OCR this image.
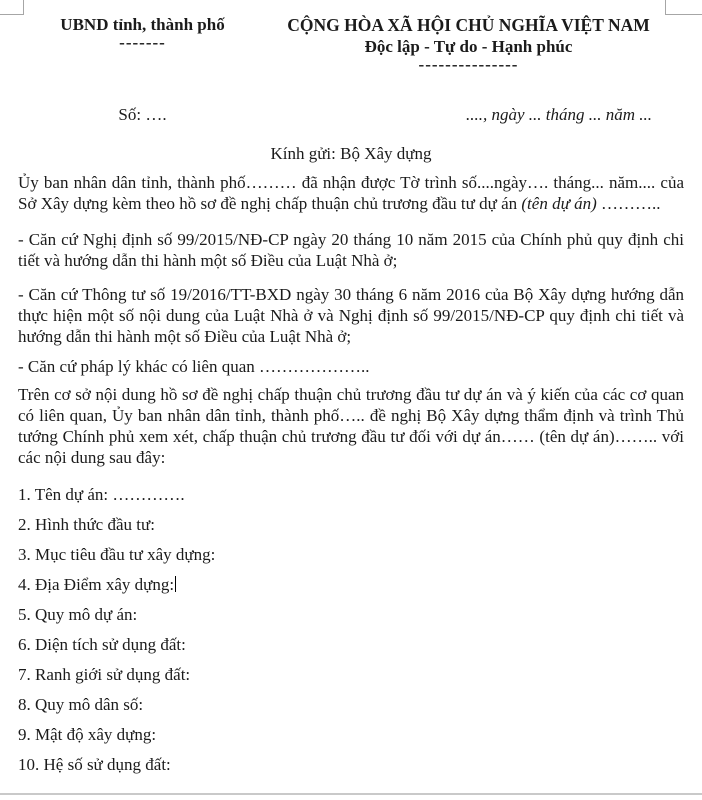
UBND tỉnh, thành phố
-------
CỘNG HÒA XÃ HỘI CHỦ NGHĨA VIỆT NAM
Độc lập - Tự do - Hạnh phúc
---------------
Số: ….	...., ngày ... tháng ... năm ...
Kính gửi: Bộ Xây dựng

Ủy ban nhân dân tỉnh, thành phố……… đã nhận được Tờ trình số....ngày…. tháng... năm.... của Sở Xây dựng kèm theo hồ sơ đề nghị chấp thuận chủ trương đầu tư dự án (tên dự án) ………..

- Căn cứ Nghị định số 99/2015/NĐ-CP ngày 20 tháng 10 năm 2015 của Chính phủ quy định chi tiết và hướng dẫn thi hành một số Điều của Luật Nhà ở;

- Căn cứ Thông tư số 19/2016/TT-BXD ngày 30 tháng 6 năm 2016 của Bộ Xây dựng hướng dẫn thực hiện một số nội dung của Luật Nhà ở và Nghị định số 99/2015/NĐ-CP quy định chi tiết và hướng dẫn thi hành một số Điều của Luật Nhà ở;

- Căn cứ pháp lý khác có liên quan ………………..

Trên cơ sở nội dung hồ sơ đề nghị chấp thuận chủ trương đầu tư dự án và ý kiến của các cơ quan có liên quan, Ủy ban nhân dân tỉnh, thành phố….. đề nghị Bộ Xây dựng thẩm định và trình Thủ tướng Chính phủ xem xét, chấp thuận chủ trương đầu tư đối với dự án…… (tên dự án)…….. với các nội dung sau đây:

1. Tên dự án: ………….
2. Hình thức đầu tư:
3. Mục tiêu đầu tư xây dựng:
4. Địa Điểm xây dựng:
5. Quy mô dự án:
6. Diện tích sử dụng đất:
7. Ranh giới sử dụng đất:
8. Quy mô dân số:
9. Mật độ xây dựng:
10. Hệ số sử dụng đất:
